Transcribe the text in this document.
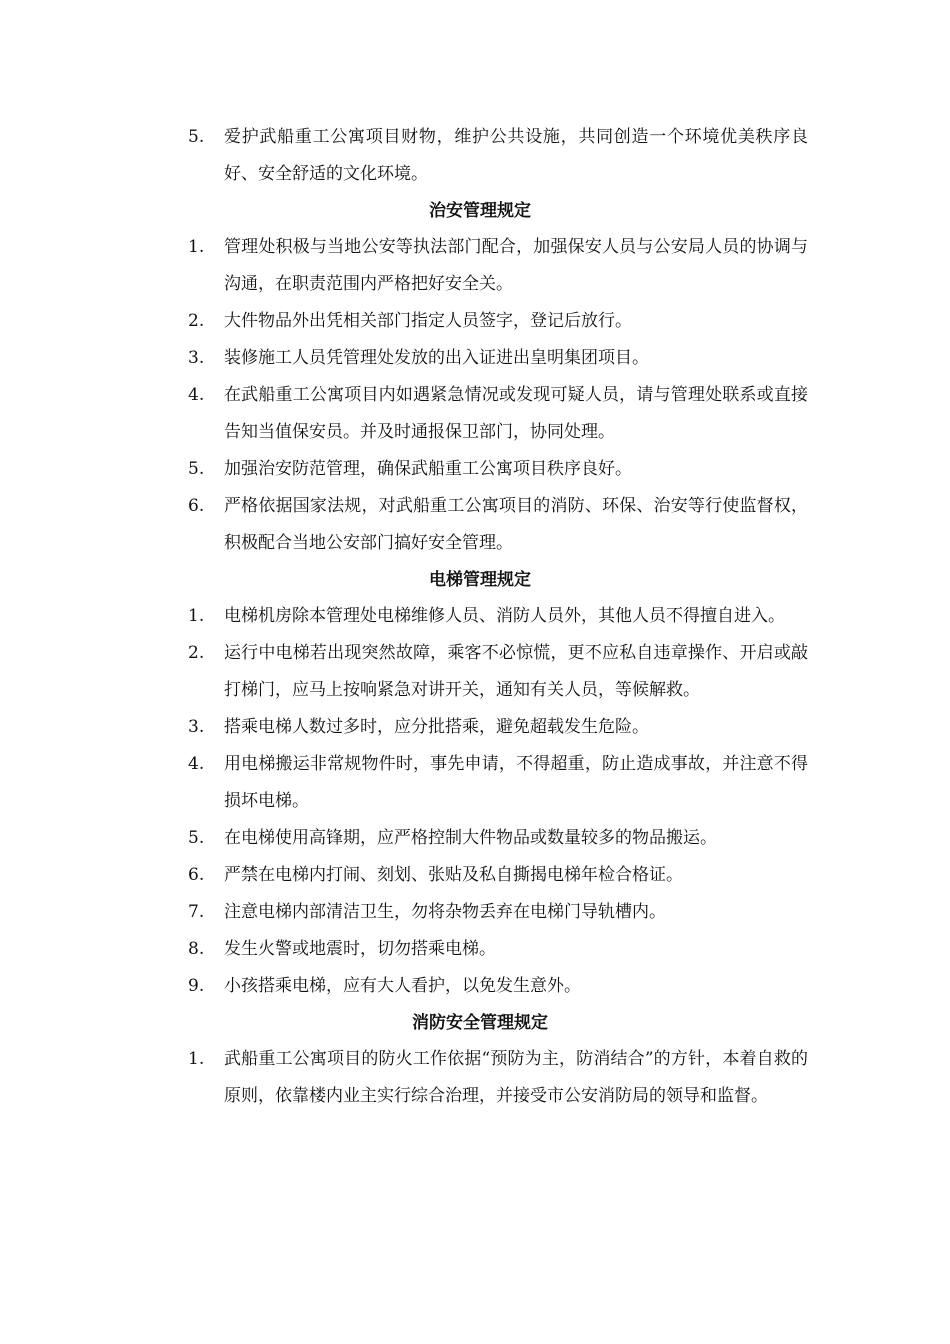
5.	爱护武船重工公寓项目财物，维护公共设施，共同创造一个环境优美秩序良好、安全舒适的文化环境。
治安管理规定
1.	管理处积极与当地公安等执法部门配合，加强保安人员与公安局人员的协调与沟通，在职责范围内严格把好安全关。
2.	大件物品外出凭相关部门指定人员签字，登记后放行。
3.	装修施工人员凭管理处发放的出入证进出皇明集团项目。
4.	在武船重工公寓项目内如遇紧急情况或发现可疑人员，请与管理处联系或直接告知当值保安员。并及时通报保卫部门，协同处理。
5.	加强治安防范管理，确保武船重工公寓项目秩序良好。
6.	严格依据国家法规，对武船重工公寓项目的消防、环保、治安等行使监督权，积极配合当地公安部门搞好安全管理。
电梯管理规定
1.	电梯机房除本管理处电梯维修人员、消防人员外，其他人员不得擅自进入。
2.	运行中电梯若出现突然故障，乘客不必惊慌，更不应私自违章操作、开启或敲打梯门，应马上按响紧急对讲开关，通知有关人员，等候解救。
3.	搭乘电梯人数过多时，应分批搭乘，避免超载发生危险。
4.	用电梯搬运非常规物件时，事先申请，不得超重，防止造成事故，并注意不得损坏电梯。
5.	在电梯使用高锋期，应严格控制大件物品或数量较多的物品搬运。
6.	严禁在电梯内打闹、刻划、张贴及私自撕揭电梯年检合格证。
7.	注意电梯内部清洁卫生，勿将杂物丢弃在电梯门导轨槽内。
8.	发生火警或地震时，切勿搭乘电梯。
9.	小孩搭乘电梯，应有大人看护，以免发生意外。
消防安全管理规定
1.	武船重工公寓项目的防火工作依据“预防为主，防消结合”的方针，本着自救的原则，依靠楼内业主实行综合治理，并接受市公安消防局的领导和监督。
